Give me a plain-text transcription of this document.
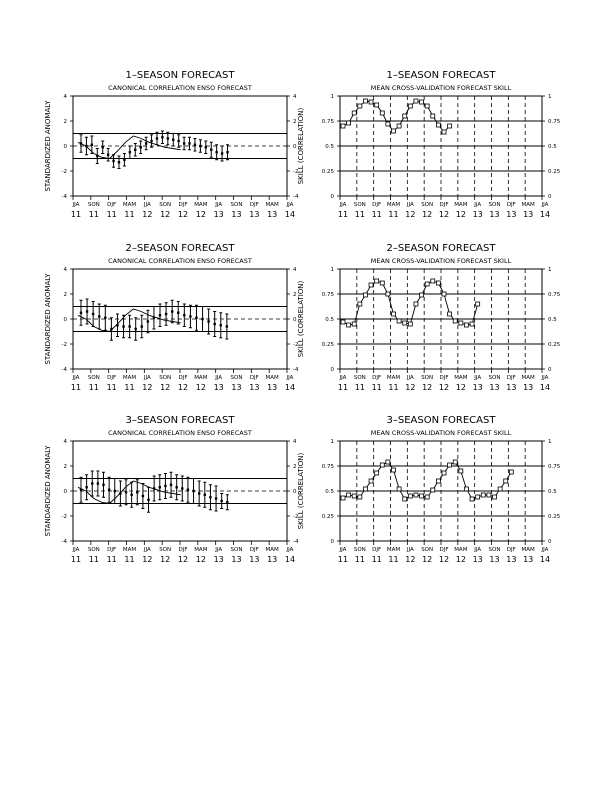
1–SEASON FORECAST
CANONICAL CORRELATION ENSO FORECAST
4	4
2	2
0	0
-2	-2
-4	-4
STANDARDIZED ANOMALY
JJA
11
SON
11
DJF
11
MAM
11
JJA
12
SON
12
DJF
12
MAM
12
JJA
13
SON
13
DJF
13
MAM
13
JJA
14
1–SEASON FORECAST
MEAN CROSS-VALIDATION FORECAST SKILL
0	0
0.25	0.25
0.5	0.5
0.75	0.75
1	1
SKILL (CORRELATION)
JJA
11
SON
11
DJF
11
MAM
11
JJA
12
SON
12
DJF
12
MAM
12
JJA
13
SON
13
DJF
13
MAM
13
JJA
14
2–SEASON FORECAST
CANONICAL CORRELATION ENSO FORECAST
4	4
2	2
0	0
-2	-2
-4	-4
STANDARDIZED ANOMALY
JJA
11
SON
11
DJF
11
MAM
11
JJA
12
SON
12
DJF
12
MAM
12
JJA
13
SON
13
DJF
13
MAM
13
JJA
14
2–SEASON FORECAST
MEAN CROSS-VALIDATION FORECAST SKILL
0	0
0.25	0.25
0.5	0.5
0.75	0.75
1	1
SKILL (CORRELATION)
JJA
11
SON
11
DJF
11
MAM
11
JJA
12
SON
12
DJF
12
MAM
12
JJA
13
SON
13
DJF
13
MAM
13
JJA
14
3–SEASON FORECAST
CANONICAL CORRELATION ENSO FORECAST
4	4
2	2
0	0
-2	-2
-4	-4
STANDARDIZED ANOMALY
JJA
11
SON
11
DJF
11
MAM
11
JJA
12
SON
12
DJF
12
MAM
12
JJA
13
SON
13
DJF
13
MAM
13
JJA
14
3–SEASON FORECAST
MEAN CROSS-VALIDATION FORECAST SKILL
0	0
0.25	0.25
0.5	0.5
0.75	0.75
1	1
SKILL (CORRELATION)
JJA
11
SON
11
DJF
11
MAM
11
JJA
12
SON
12
DJF
12
MAM
12
JJA
13
SON
13
DJF
13
MAM
13
JJA
14
